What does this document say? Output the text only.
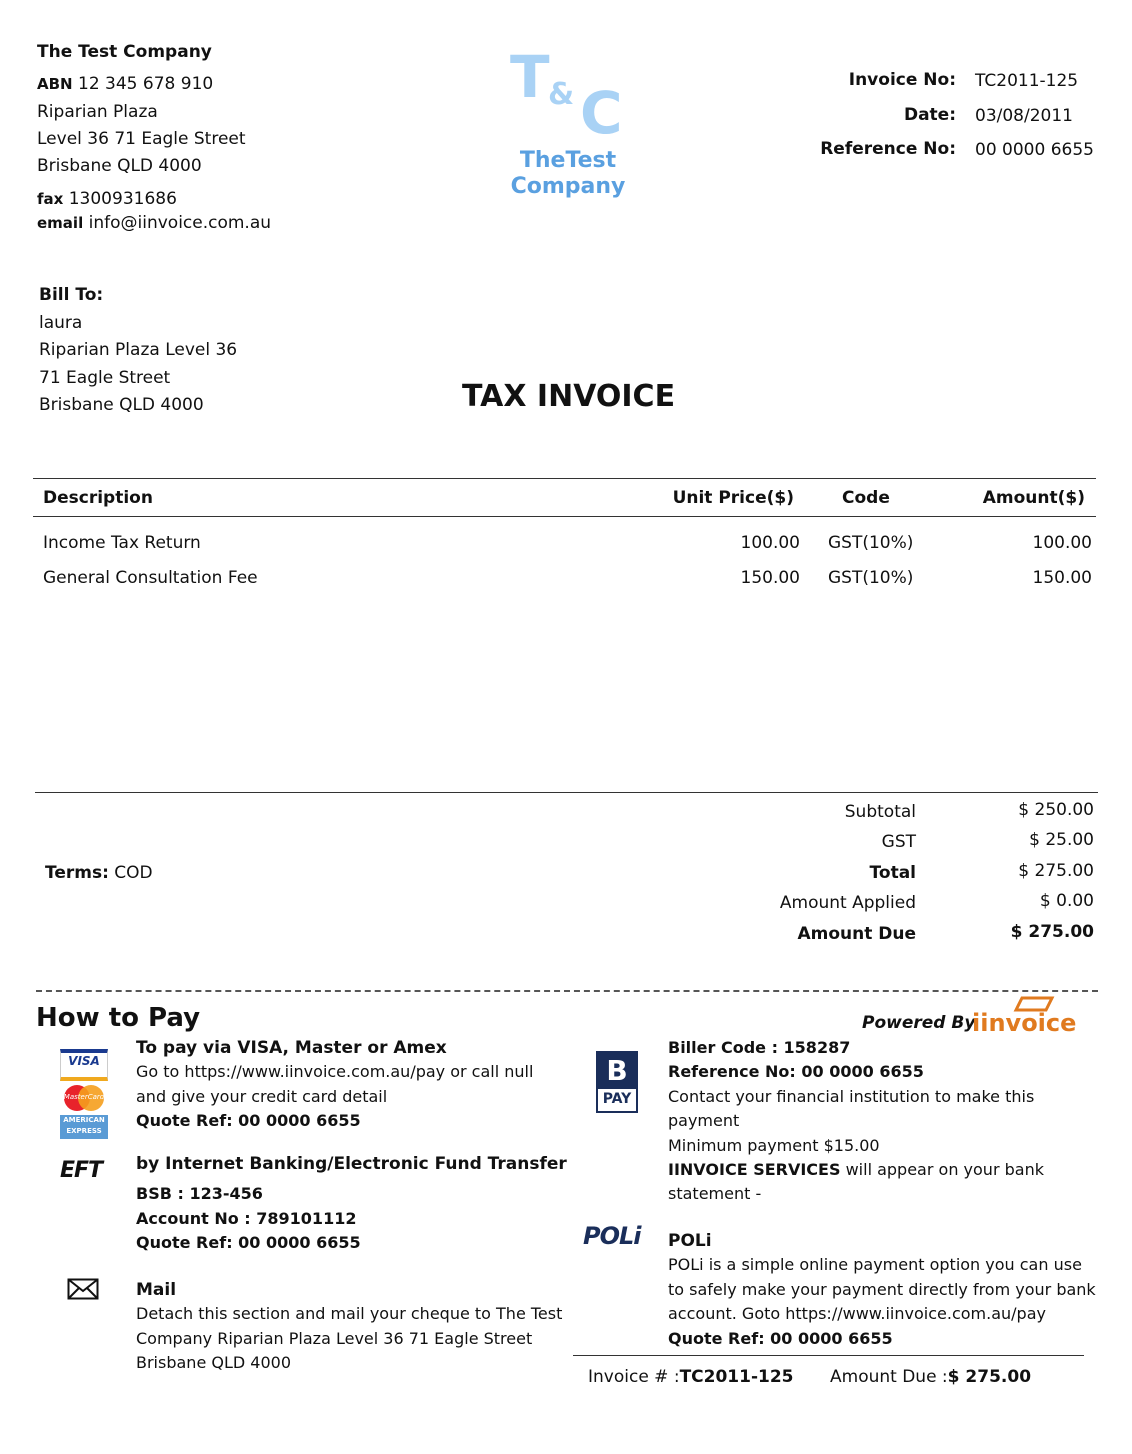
The Test Company
ABN 12 345 678 910
Riparian Plaza
Level 36 71 Eagle Street
Brisbane QLD 4000
fax 1300931686
email info@iinvoice.com.au
T
& C
TheTest
Company
Invoice No: TC2011-125
Date: 03/08/2011
Reference No: 00 0000 6655
Bill To:
laura
Riparian Plaza Level 36
71 Eagle Street
Brisbane QLD 4000	TAX INVOICE
Description	Unit Price($)	Code	Amount($)
Income Tax Return	100.00 GST(10%)	100.00
General Consultation Fee	150.00 GST(10%)	150.00
Subtotal	$ 250.00
GST	$ 25.00
Total	$ 275.00
Amount Applied	$ 0.00
Amount Due	$ 275.00
Terms: COD
How to Pay	Powered By
iinvoice
VISA
MasterCard
AMERICAN
EXPRESS
To pay via VISA, Master or Amex
Go to https://www.iinvoice.com.au/pay or call null
and give your credit card detail
Quote Ref: 00 0000 6655
EFT by Internet Banking/Electronic Fund Transfer
BSB : 123-456
Account No : 789101112
Quote Ref: 00 0000 6655
Mail
Detach this section and mail your cheque to The Test
Company Riparian Plaza Level 36 71 Eagle Street
Brisbane QLD 4000
B
PAY
Biller Code : 158287
Reference No: 00 0000 6655
Contact your financial institution to make this
payment
Minimum payment $15.00
IINVOICE SERVICES will appear on your bank
statement -
POLi POLi
POLi is a simple online payment option you can use
to safely make your payment directly from your bank
account. Goto https://www.iinvoice.com.au/pay
Quote Ref: 00 0000 6655
Invoice # :TC2011-125 Amount Due :$ 275.00
